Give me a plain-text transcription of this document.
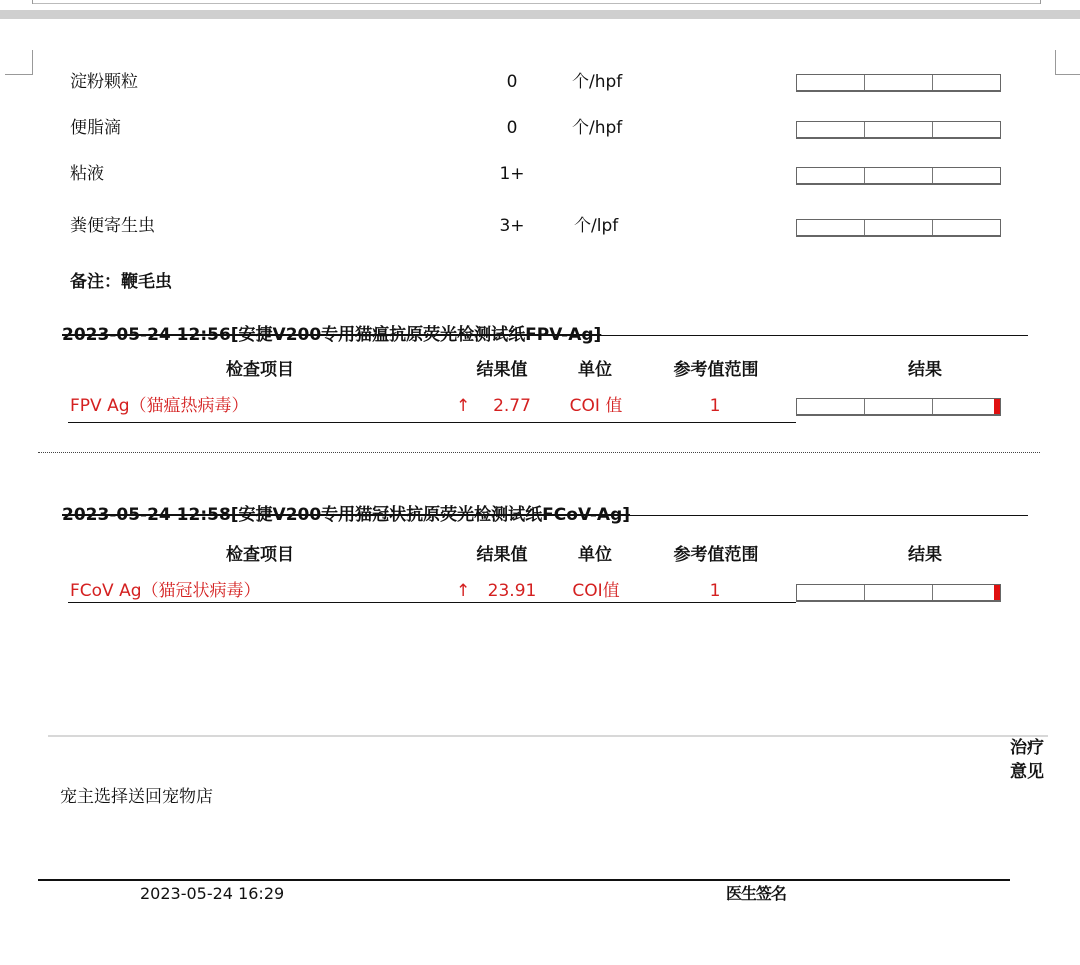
淀粉颗粒	0	个/hpf
便脂滴	0	个/hpf
粘液	1+
粪便寄生虫	3+	个/lpf
备注：鞭毛虫
2023-05-24 12:56[安捷V200专用猫瘟抗原荧光检测试纸FPV-Ag]
检查项目	结果值	单位	参考值范围	结果
FPV Ag（猫瘟热病毒）	↑	2.77	COI 值	1
2023-05-24 12:58[安捷V200专用猫冠状抗原荧光检测试纸FCoV-Ag]
检查项目	结果值	单位	参考值范围	结果
FCoV Ag（猫冠状病毒）	↑	23.91	COI值	1
治疗
意见
宠主选择送回宠物店
2023-05-24 16:29	医生签名
